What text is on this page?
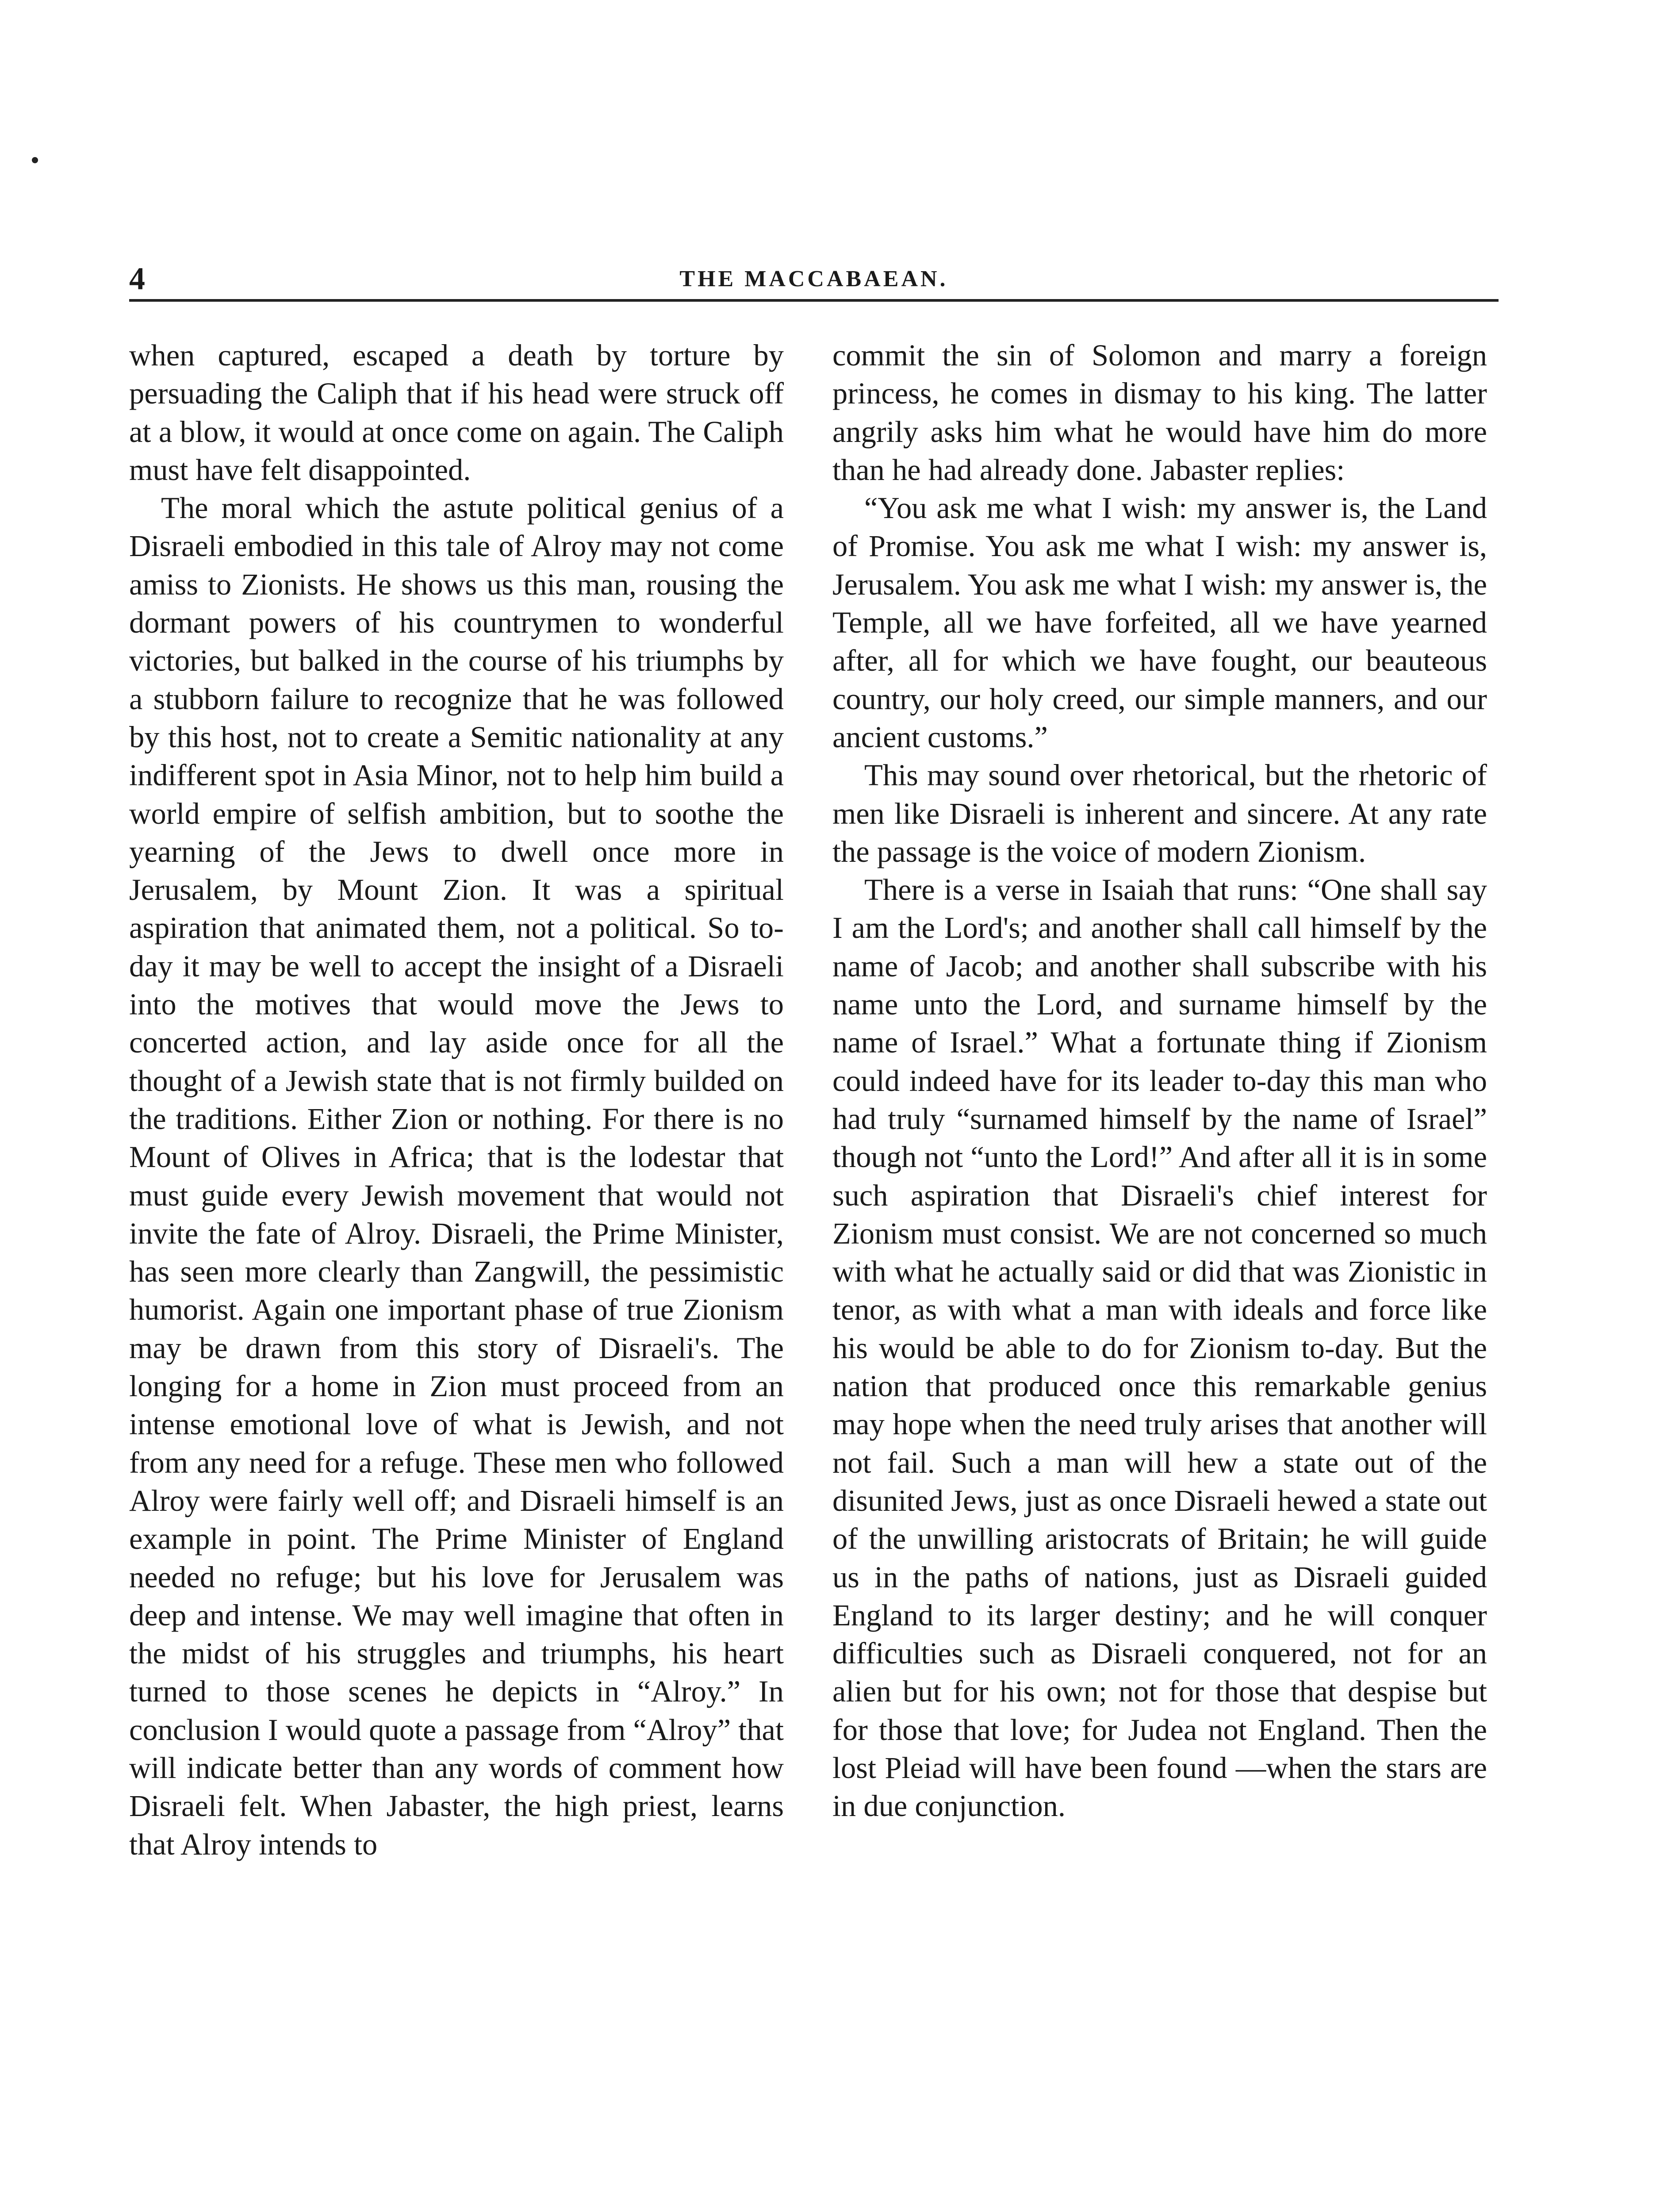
4	THE MACCABAEAN.

when captured, escaped a death by torture by persuading the Caliph that if his head were struck off at a blow, it would at once come on again. The Caliph must have felt disappointed.

The moral which the astute political genius of a Disraeli embodied in this tale of Alroy may not come amiss to Zionists. He shows us this man, rousing the dormant powers of his countrymen to wonderful victories, but balked in the course of his triumphs by a stubborn failure to recognize that he was followed by this host, not to create a Semitic nationality at any indifferent spot in Asia Minor, not to help him build a world empire of selfish ambition, but to soothe the yearning of the Jews to dwell once more in Jerusalem, by Mount Zion. It was a spiritual aspiration that animated them, not a political. So to-day it may be well to accept the insight of a Disraeli into the motives that would move the Jews to concerted action, and lay aside once for all the thought of a Jewish state that is not firmly builded on the traditions. Either Zion or nothing. For there is no Mount of Olives in Africa; that is the lodestar that must guide every Jewish movement that would not invite the fate of Alroy. Disraeli, the Prime Minister, has seen more clearly than Zangwill, the pessimistic humorist. Again one important phase of true Zionism may be drawn from this story of Disraeli's. The longing for a home in Zion must proceed from an intense emotional love of what is Jewish, and not from any need for a refuge. These men who followed Alroy were fairly well off; and Disraeli himself is an example in point. The Prime Minister of England needed no refuge; but his love for Jerusalem was deep and intense. We may well imagine that often in the midst of his struggles and triumphs, his heart turned to those scenes he depicts in “Alroy.” In conclusion I would quote a passage from “Alroy” that will indicate better than any words of comment how Disraeli felt. When Jabaster, the high priest, learns that Alroy intends to

commit the sin of Solomon and marry a foreign princess, he comes in dismay to his king. The latter angrily asks him what he would have him do more than he had already done. Jabaster replies:

“You ask me what I wish: my answer is, the Land of Promise. You ask me what I wish: my answer is, Jerusalem. You ask me what I wish: my answer is, the Temple, all we have forfeited, all we have yearned after, all for which we have fought, our beauteous country, our holy creed, our simple manners, and our ancient customs.”

This may sound over rhetorical, but the rhetoric of men like Disraeli is inherent and sincere. At any rate the passage is the voice of modern Zionism.

There is a verse in Isaiah that runs: “One shall say I am the Lord's; and another shall call himself by the name of Jacob; and another shall subscribe with his name unto the Lord, and surname himself by the name of Israel.” What a fortunate thing if Zionism could indeed have for its leader to-day this man who had truly “surnamed himself by the name of Israel” though not “unto the Lord!” And after all it is in some such aspiration that Disraeli's chief interest for Zionism must consist. We are not concerned so much with what he actually said or did that was Zionistic in tenor, as with what a man with ideals and force like his would be able to do for Zionism to-day. But the nation that produced once this remarkable genius may hope when the need truly arises that another will not fail. Such a man will hew a state out of the disunited Jews, just as once Disraeli hewed a state out of the unwilling aristocrats of Britain; he will guide us in the paths of nations, just as Disraeli guided England to its larger destiny; and he will conquer difficulties such as Disraeli conquered, not for an alien but for his own; not for those that despise but for those that love; for Judea not England. Then the lost Pleiad will have been found —when the stars are in due conjunction.
